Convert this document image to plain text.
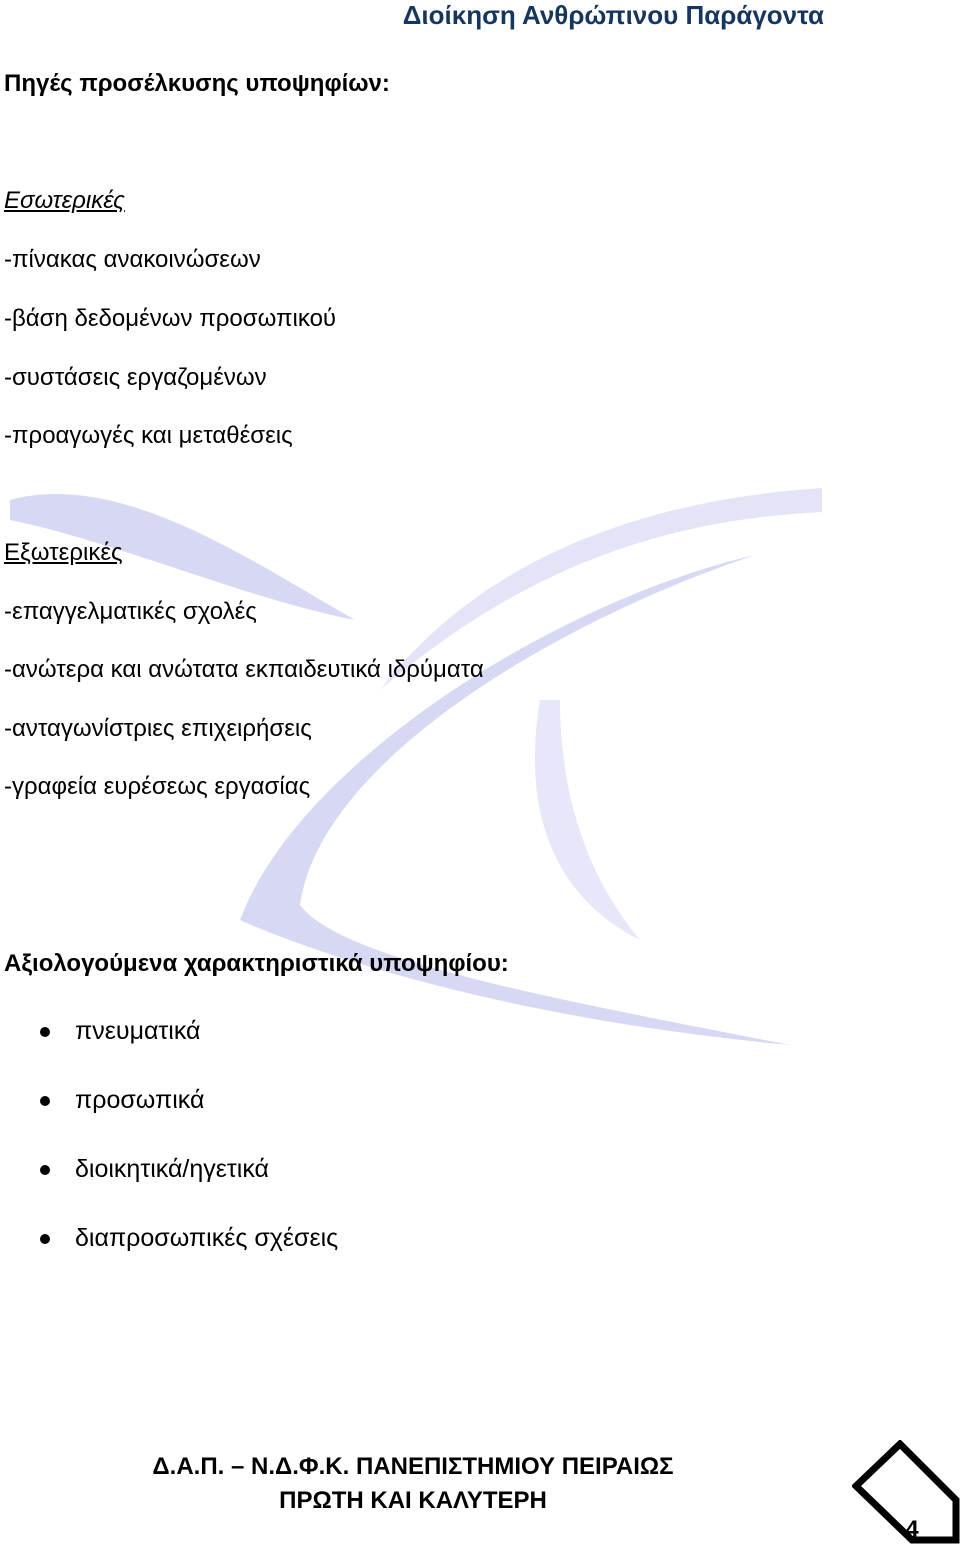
Διοίκηση Ανθρώπινου Παράγοντα
Πηγές προσέλκυσης υποψηφίων:
Εσωτερικές
-πίνακας ανακοινώσεων
-βάση δεδομένων προσωπικού
-συστάσεις εργαζομένων
-προαγωγές και μεταθέσεις
Εξωτερικές
-επαγγελματικές σχολές
-ανώτερα και ανώτατα εκπαιδευτικά ιδρύματα
-ανταγωνίστριες επιχειρήσεις
-γραφεία ευρέσεως εργασίας
Αξιολογούμενα χαρακτηριστικά υποψηφίου:
πνευματικά
προσωπικά
διοικητικά/ηγετικά
διαπροσωπικές σχέσεις
Δ.Α.Π. – Ν.Δ.Φ.Κ. ΠΑΝΕΠΙΣΤΗΜΙΟΥ ΠΕΙΡΑΙΩΣ
ΠΡΩΤΗ ΚΑΙ ΚΑΛΥΤΕΡΗ
4
